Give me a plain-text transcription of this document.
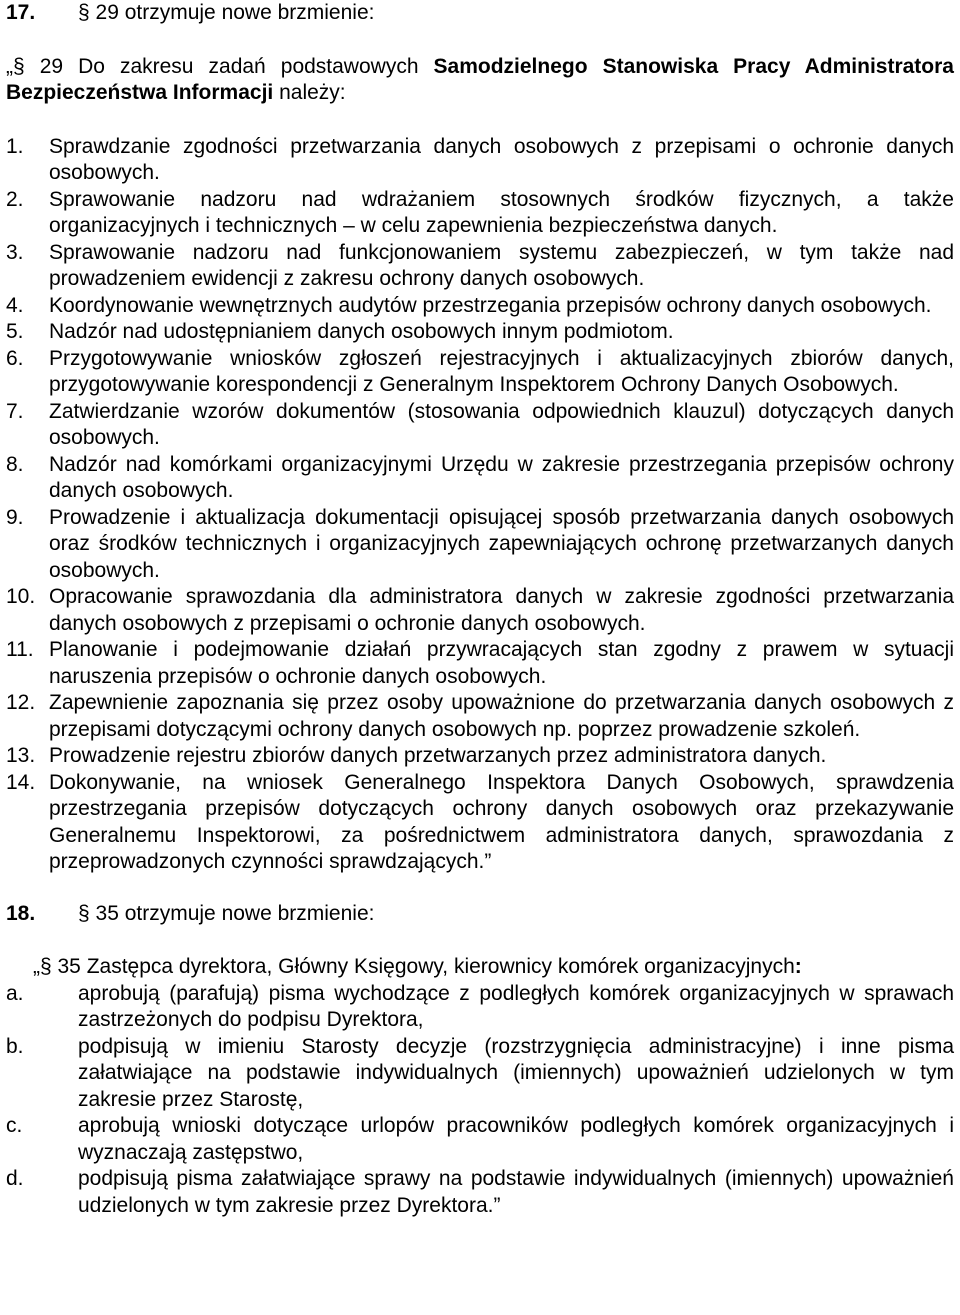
17.	§ 29 otrzymuje nowe brzmienie:
„§ 29 Do zakresu zadań podstawowych Samodzielnego Stanowiska Pracy Administratora Bezpieczeństwa Informacji należy:
1.	Sprawdzanie zgodności przetwarzania danych osobowych z przepisami o ochronie danych osobowych.
2.	Sprawowanie nadzoru nad wdrażaniem stosownych środków fizycznych, a także organizacyjnych i technicznych – w celu zapewnienia bezpieczeństwa danych.
3.	Sprawowanie nadzoru nad funkcjonowaniem systemu zabezpieczeń, w tym także nad prowadzeniem ewidencji z zakresu ochrony danych osobowych.
4.	Koordynowanie wewnętrznych audytów przestrzegania przepisów ochrony danych osobowych.
5.	Nadzór nad udostępnianiem danych osobowych innym podmiotom.
6.	Przygotowywanie wniosków zgłoszeń rejestracyjnych i aktualizacyjnych zbiorów danych, przygotowywanie korespondencji z Generalnym Inspektorem Ochrony Danych Osobowych.
7.	Zatwierdzanie wzorów dokumentów (stosowania odpowiednich klauzul) dotyczących danych osobowych.
8.	Nadzór nad komórkami organizacyjnymi Urzędu w zakresie przestrzegania przepisów ochrony danych osobowych.
9.	Prowadzenie i aktualizacja dokumentacji opisującej sposób przetwarzania danych osobowych oraz środków technicznych i organizacyjnych zapewniających ochronę przetwarzanych danych osobowych.
10. Opracowanie sprawozdania dla administratora danych w zakresie zgodności przetwarzania danych osobowych z przepisami o ochronie danych osobowych.
11. Planowanie i podejmowanie działań przywracających stan zgodny z prawem w sytuacji naruszenia przepisów o ochronie danych osobowych.
12. Zapewnienie zapoznania się przez osoby upoważnione do przetwarzania danych osobowych z przepisami dotyczącymi ochrony danych osobowych np. poprzez prowadzenie szkoleń.
13. Prowadzenie rejestru zbiorów danych przetwarzanych przez administratora danych.
14. Dokonywanie, na wniosek Generalnego Inspektora Danych Osobowych, sprawdzenia przestrzegania przepisów dotyczących ochrony danych osobowych oraz przekazywanie Generalnemu Inspektorowi, za pośrednictwem administratora danych, sprawozdania z przeprowadzonych czynności sprawdzających.”
18.	§ 35 otrzymuje nowe brzmienie:
„§ 35 Zastępca dyrektora, Główny Księgowy, kierownicy komórek organizacyjnych:
a.	aprobują (parafują) pisma wychodzące z podległych komórek organizacyjnych w sprawach zastrzeżonych do podpisu Dyrektora,
b.	podpisują w imieniu Starosty decyzje (rozstrzygnięcia administracyjne) i inne pisma załatwiające na podstawie indywidualnych (imiennych) upoważnień udzielonych w tym zakresie przez Starostę,
c.	aprobują wnioski dotyczące urlopów pracowników podległych komórek organizacyjnych i wyznaczają zastępstwo,
d.	podpisują pisma załatwiające sprawy na podstawie indywidualnych (imiennych) upoważnień udzielonych w tym zakresie przez Dyrektora.”
